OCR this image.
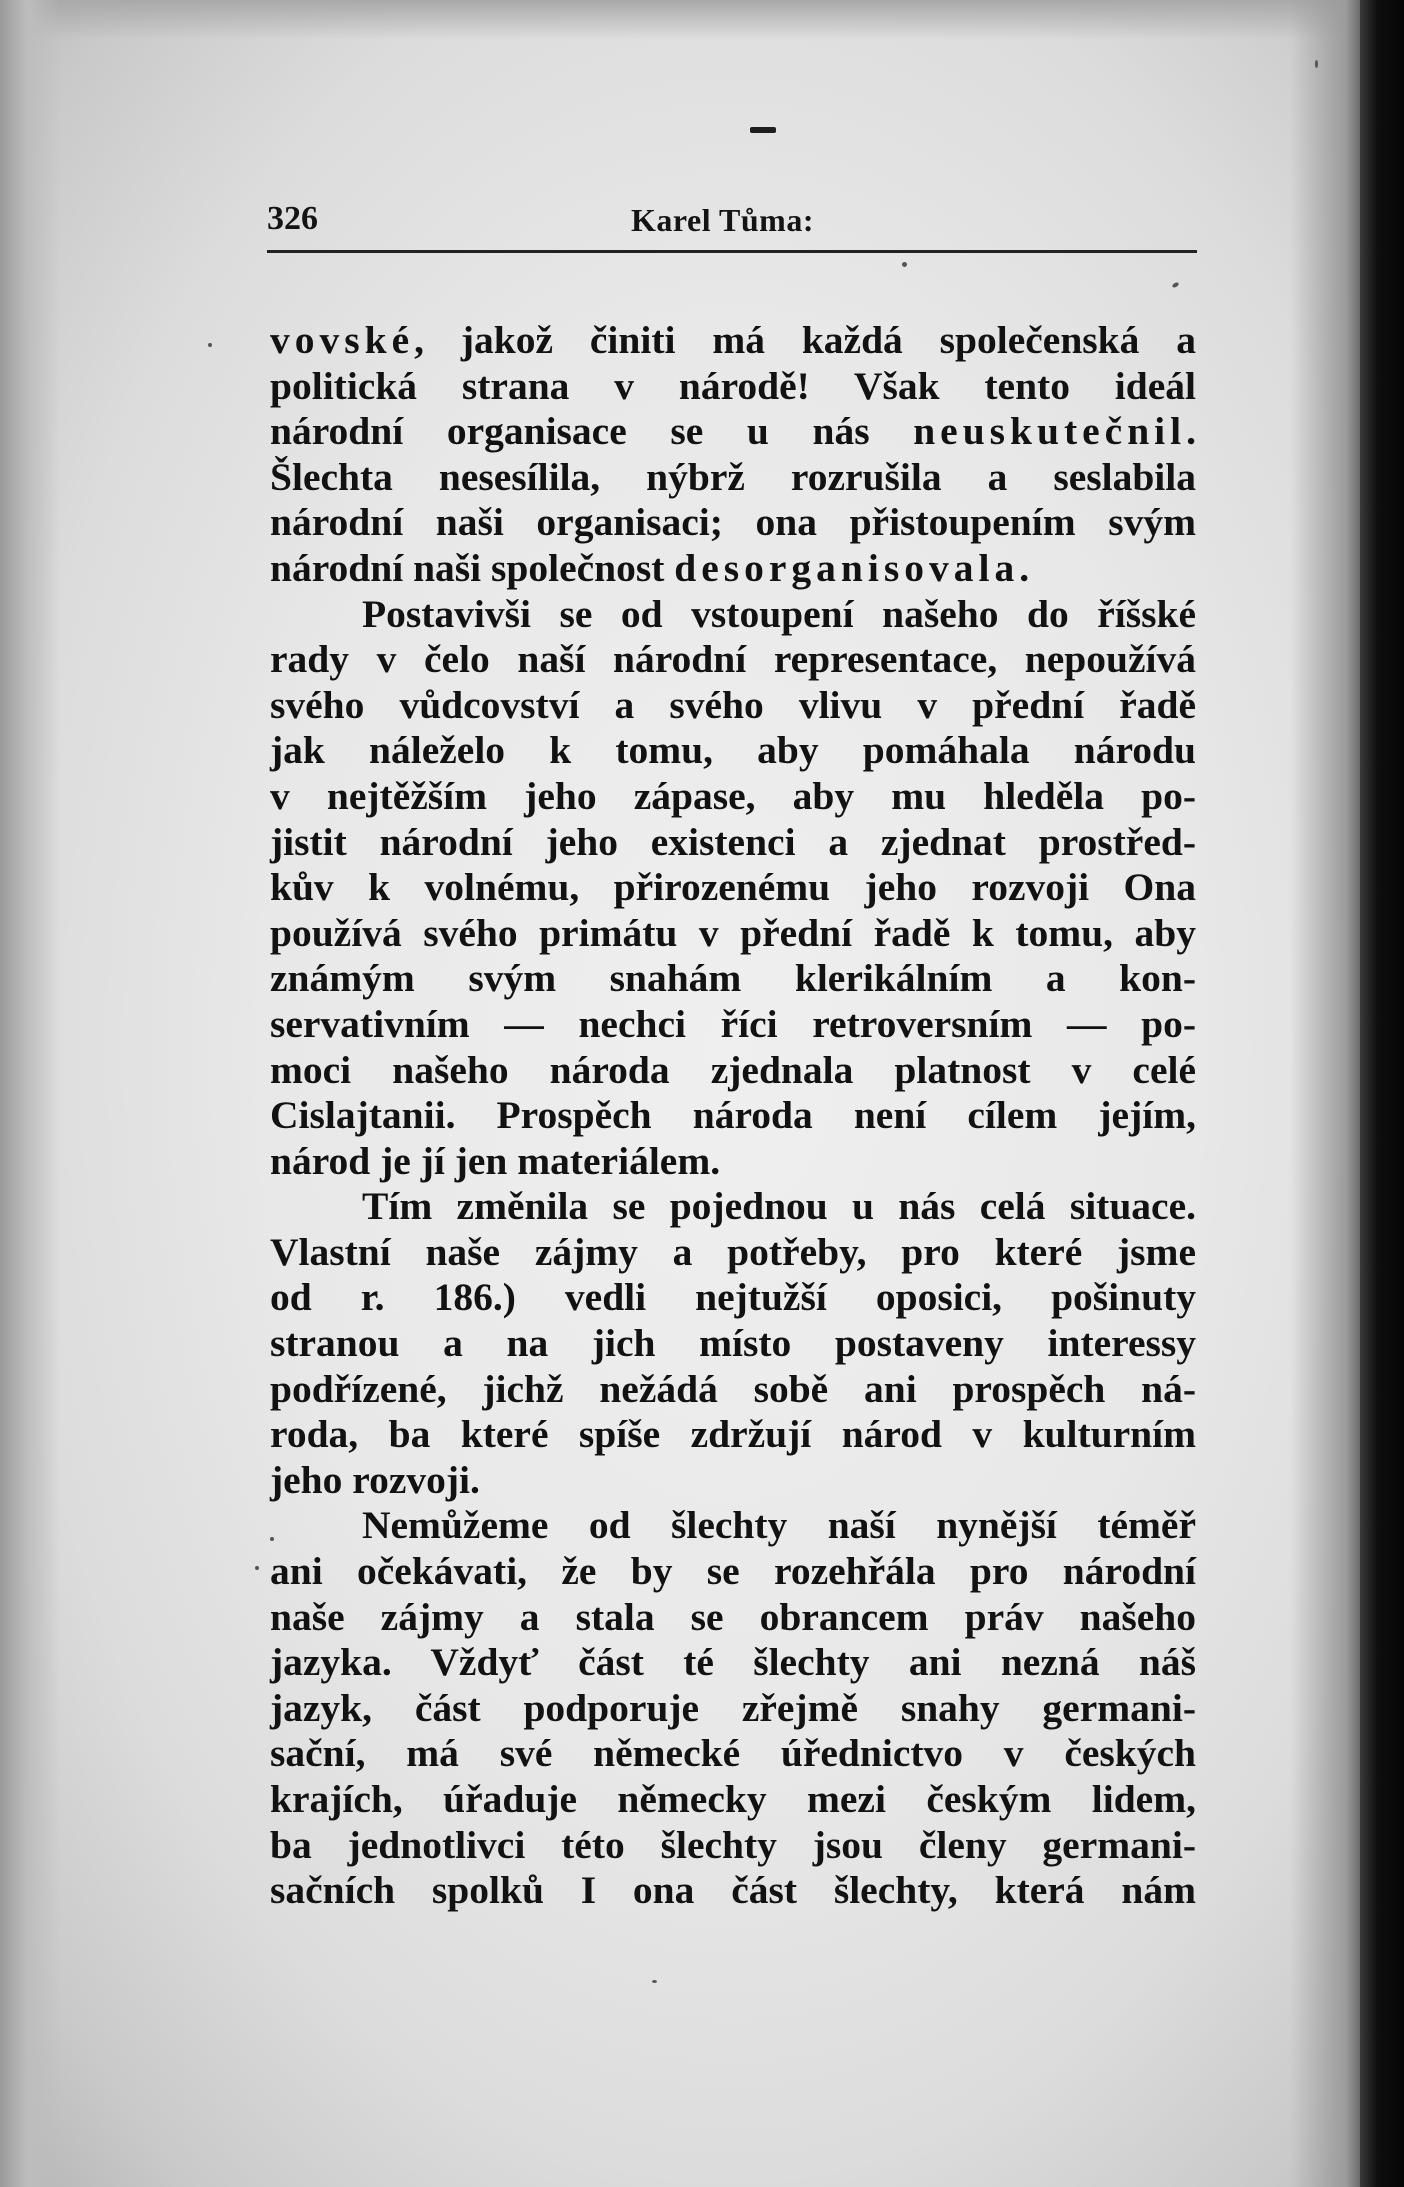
326	Karel Tůma:
vovské, jakož činiti má každá společenská a
politická strana v národě! Však tento ideál
národní organisace se u nás neuskutečnil.
Šlechta nesesílila, nýbrž rozrušila a seslabila
národní naši organisaci; ona přistoupením svým
národní naši společnost desorganisovala.
Postavivši se od vstoupení našeho do říšské
rady v čelo naší národní representace, nepoužívá
svého vůdcovství a svého vlivu v přední řadě
jak náleželo k tomu, aby pomáhala národu
v nejtěžším jeho zápase, aby mu hleděla po-
jistit národní jeho existenci a zjednat prostřed-
kův k volnému, přirozenému jeho rozvoji Ona
používá svého primátu v přední řadě k tomu, aby
známým svým snahám klerikálním a kon-
servativním — nechci říci retroversním — po-
moci našeho národa zjednala platnost v celé
Cislajtanii. Prospěch národa není cílem jejím,
národ je jí jen materiálem.
Tím změnila se pojednou u nás celá situace.
Vlastní naše zájmy a potřeby, pro které jsme
od r. 186.) vedli nejtužší oposici, pošinuty
stranou a na jich místo postaveny interessy
podřízené, jichž nežádá sobě ani prospěch ná-
roda, ba které spíše zdržují národ v kulturním
jeho rozvoji.
Nemůžeme od šlechty naší nynější téměř
ani očekávati, že by se rozehřála pro národní
naše zájmy a stala se obrancem práv našeho
jazyka. Vždyť část té šlechty ani nezná náš
jazyk, část podporuje zřejmě snahy germani-
sační, má své německé úřednictvo v českých
krajích, úřaduje německy mezi českým lidem,
ba jednotlivci této šlechty jsou členy germani-
sačních spolků I ona část šlechty, která nám
